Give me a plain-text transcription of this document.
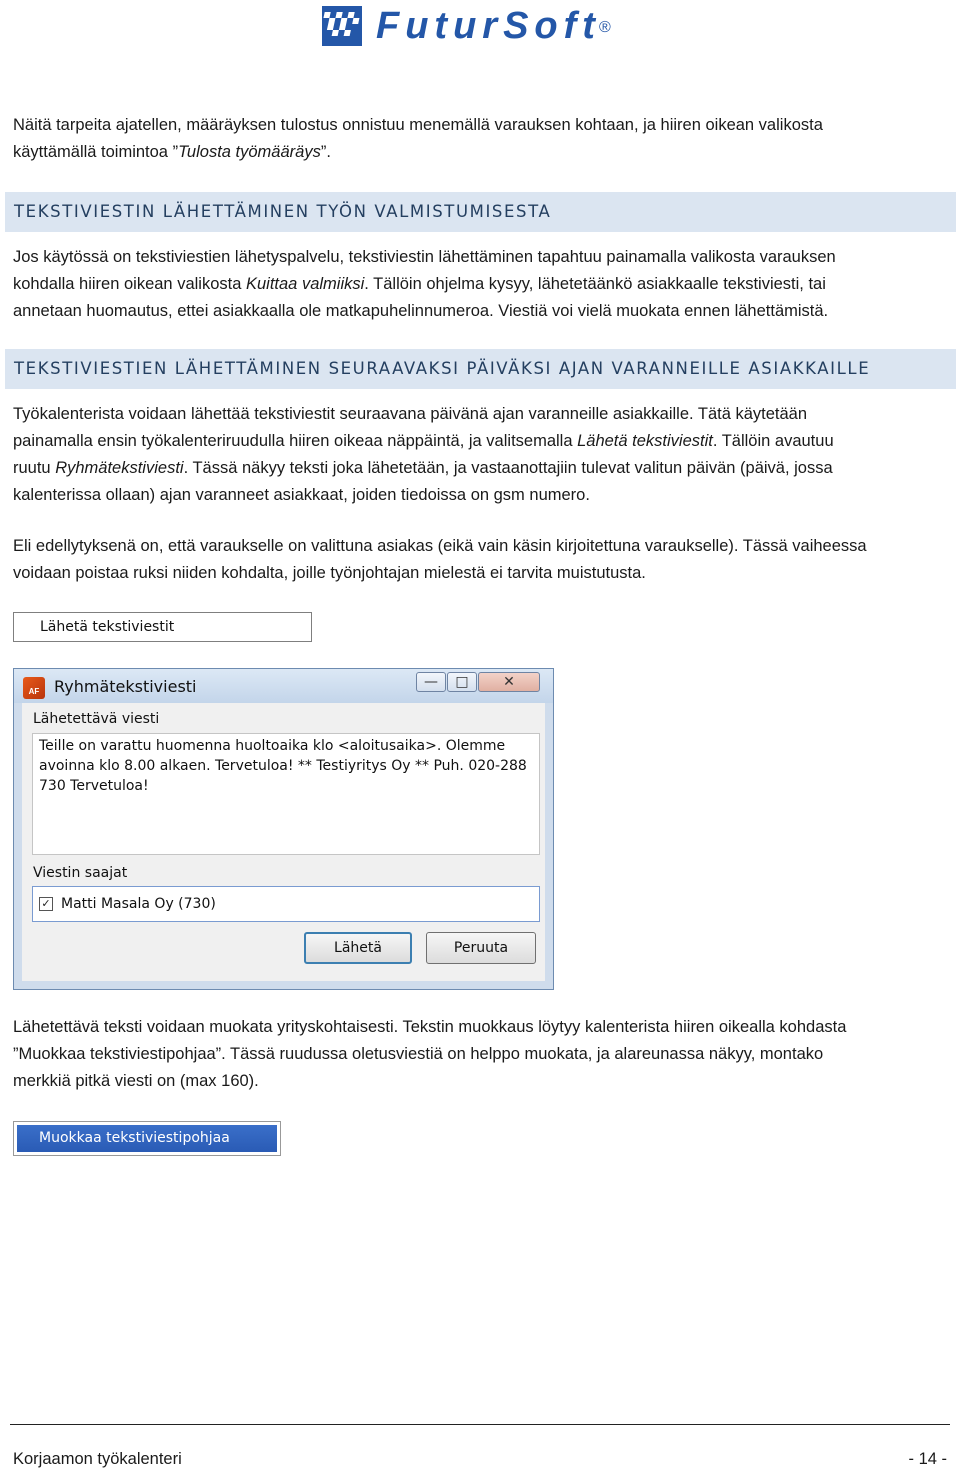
FuturSoft
®
Näitä tarpeita ajatellen, määräyksen tulostus onnistuu menemällä varauksen kohtaan, ja hiiren oikean valikosta
käyttämällä toimintoa ”Tulosta työmääräys”.
TEKSTIVIESTIN LÄHETTÄMINEN TYÖN VALMISTUMISESTA
Jos käytössä on tekstiviestien lähetyspalvelu, tekstiviestin lähettäminen tapahtuu painamalla valikosta varauksen
kohdalla hiiren oikean valikosta Kuittaa valmiiksi. Tällöin ohjelma kysyy, lähetetäänkö asiakkaalle tekstiviesti, tai
annetaan huomautus, ettei asiakkaalla ole matkapuhelinnumeroa. Viestiä voi vielä muokata ennen lähettämistä.
TEKSTIVIESTIEN LÄHETTÄMINEN SEURAAVAKSI PÄIVÄKSI AJAN VARANNEILLE ASIAKKAILLE
Työkalenterista voidaan lähettää tekstiviestit seuraavana päivänä ajan varanneille asiakkaille. Tätä käytetään
painamalla ensin työkalenteriruudulla hiiren oikeaa näppäintä, ja valitsemalla Lähetä tekstiviestit. Tällöin avautuu
ruutu Ryhmätekstiviesti. Tässä näkyy teksti joka lähetetään, ja vastaanottajiin tulevat valitun päivän (päivä, jossa
kalenterissa ollaan) ajan varanneet asiakkaat, joiden tiedoissa on gsm numero.
Eli edellytyksenä on, että varaukselle on valittuna asiakas (eikä vain käsin kirjoitettuna varaukselle). Tässä vaiheessa
voidaan poistaa ruksi niiden kohdalta, joille työnjohtajan mielestä ei tarvita muistutusta.
Lähetä tekstiviestit
AF Ryhmätekstiviesti	—	□	✕
Lähetettävä viesti
Teille on varattu huomenna huoltoaika klo <aloitusaika>. Olemme avoinna klo 8.00 alkaen. Tervetuloa! ** Testiyritys Oy ** Puh. 020-288 730 Tervetuloa!
Viestin saajat
✓ Matti Masala Oy (730)
Lähetä	Peruuta
Lähetettävä teksti voidaan muokata yrityskohtaisesti. Tekstin muokkaus löytyy kalenterista hiiren oikealla kohdasta
”Muokkaa tekstiviestipohjaa”. Tässä ruudussa oletusviestiä on helppo muokata, ja alareunassa näkyy, montako
merkkiä pitkä viesti on (max 160).
Muokkaa tekstiviestipohjaa
Korjaamon työkalenteri	- 14 -
